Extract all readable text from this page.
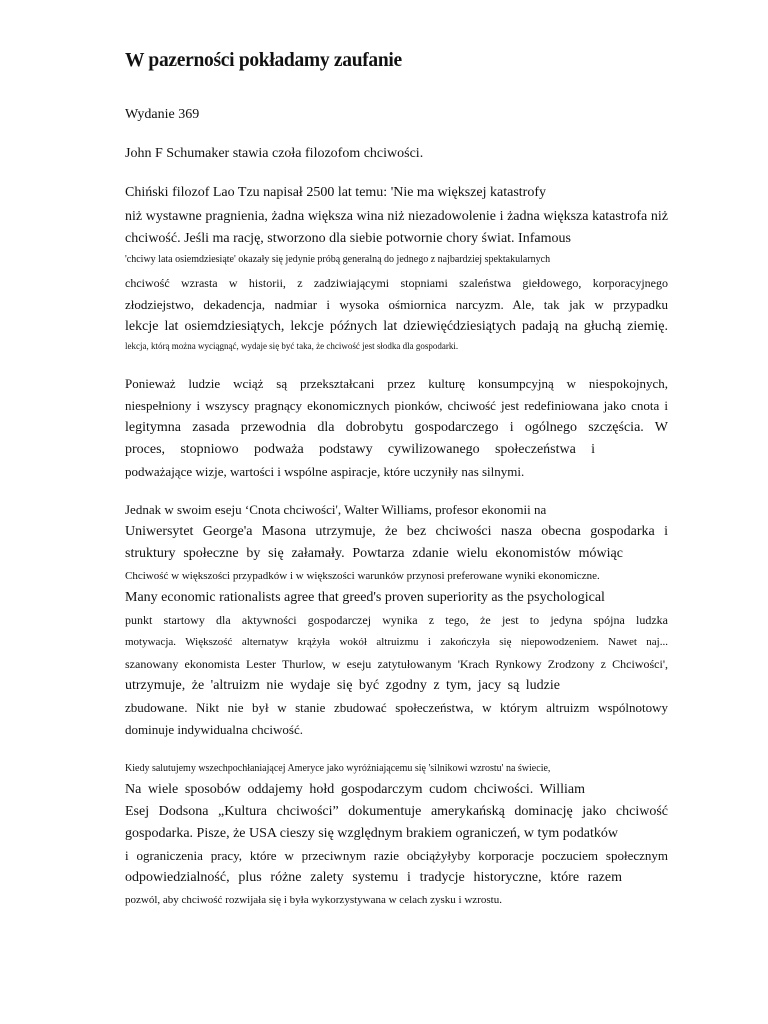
W pazerności pokładamy zaufanie
Wydanie 369
John F Schumaker stawia czoła filozofom chciwości.
Chiński filozof Lao Tzu napisał 2500 lat temu: 'Nie ma większej katastrofy
niż wystawne pragnienia, żadna większa wina niż niezadowolenie i żadna większa katastrofa niż
chciwość. Jeśli ma rację, stworzono dla siebie potwornie chory świat. Infamous
'chciwy lata osiemdziesiąte' okazały się jedynie próbą generalną do jednego z najbardziej spektakularnych
chciwość wzrasta w historii, z zadziwiającymi stopniami szaleństwa giełdowego, korporacyjnego
złodziejstwo, dekadencja, nadmiar i wysoka ośmiornica narcyzm. Ale, tak jak w przypadku
lekcje lat osiemdziesiątych, lekcje późnych lat dziewięćdziesiątych padają na głuchą ziemię.
lekcja, którą można wyciągnąć, wydaje się być taka, że chciwość jest słodka dla gospodarki.
Ponieważ ludzie wciąż są przekształcani przez kulturę konsumpcyjną w niespokojnych,
niespełniony i wszyscy pragnący ekonomicznych pionków, chciwość jest redefiniowana jako cnota i
legitymna zasada przewodnia dla dobrobytu gospodarczego i ogólnego szczęścia. W
proces, stopniowo podważa podstawy cywilizowanego społeczeństwa i
podważające wizje, wartości i wspólne aspiracje, które uczyniły nas silnymi.
Jednak w swoim eseju ‘Cnota chciwości', Walter Williams, profesor ekonomii na
Uniwersytet George'a Masona utrzymuje, że bez chciwości nasza obecna gospodarka i
struktury społeczne by się załamały. Powtarza zdanie wielu ekonomistów mówiąc
Chciwość w większości przypadków i w większości warunków przynosi preferowane wyniki ekonomiczne.
Many economic rationalists agree that greed's proven superiority as the psychological
punkt startowy dla aktywności gospodarczej wynika z tego, że jest to jedyna spójna ludzka
motywacja. Większość alternatyw krążyła wokół altruizmu i zakończyła się niepowodzeniem. Nawet naj...
szanowany ekonomista Lester Thurlow, w eseju zatytułowanym 'Krach Rynkowy Zrodzony z Chciwości',
utrzymuje, że 'altruizm nie wydaje się być zgodny z tym, jacy są ludzie
zbudowane. Nikt nie był w stanie zbudować społeczeństwa, w którym altruizm wspólnotowy
dominuje indywidualna chciwość.
Kiedy salutujemy wszechpochłaniającej Ameryce jako wyróżniającemu się 'silnikowi wzrostu' na świecie,
Na wiele sposobów oddajemy hołd gospodarczym cudom chciwości. William
Esej Dodsona „Kultura chciwości” dokumentuje amerykańską dominację jako chciwość
gospodarka. Pisze, że USA cieszy się względnym brakiem ograniczeń, w tym podatków
i ograniczenia pracy, które w przeciwnym razie obciążyłyby korporacje poczuciem społecznym
odpowiedzialność, plus różne zalety systemu i tradycje historyczne, które razem
pozwól, aby chciwość rozwijała się i była wykorzystywana w celach zysku i wzrostu.
